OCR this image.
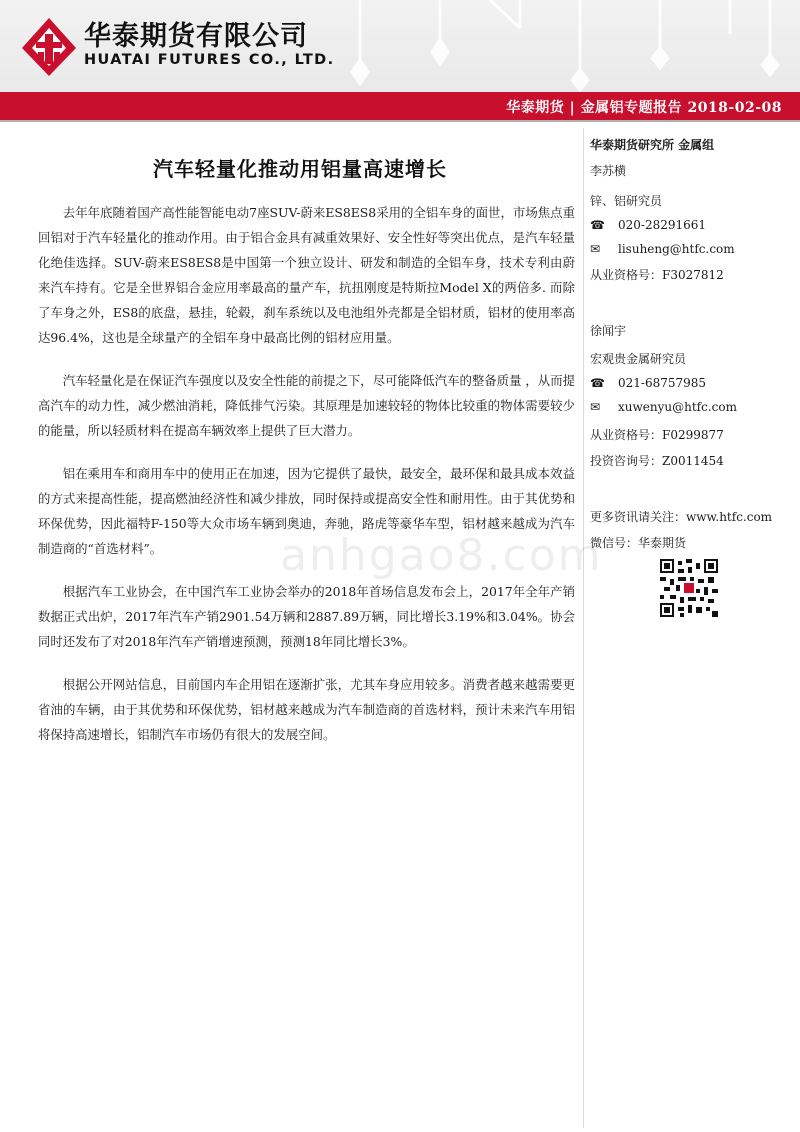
华泰期货有限公司
HUATAI FUTURES CO., LTD.
华泰期货 | 金属铝专题报告 2018-02-08
汽车轻量化推动用铝量高速增长

去年年底随着国产高性能智能电动7座SUV-蔚来ES8ES8采用的全铝车身的面世，市场焦点重回铝对于汽车轻量化的推动作用。由于铝合金具有减重效果好、安全性好等突出优点，是汽车轻量化绝佳选择。SUV-蔚来ES8ES8是中国第一个独立设计、研发和制造的全铝车身，技术专利由蔚来汽车持有。它是全世界铝合金应用率最高的量产车，抗扭刚度是特斯拉Model X的两倍多. 而除了车身之外，ES8的底盘，悬挂，轮毂，刹车系统以及电池组外壳都是全铝材质，铝材的使用率高达96.4%，这也是全球量产的全铝车身中最高比例的铝材应用量。

汽车轻量化是在保证汽车强度以及安全性能的前提之下，尽可能降低汽车的整备质量 ，从而提高汽车的动力性，减少燃油消耗，降低排气污染。其原理是加速较轻的物体比较重的物体需要较少的能量，所以轻质材料在提高车辆效率上提供了巨大潜力。

铝在乘用车和商用车中的使用正在加速，因为它提供了最快，最安全，最环保和最具成本效益的方式来提高性能，提高燃油经济性和减少排放，同时保持或提高安全性和耐用性。由于其优势和环保优势，因此福特F-150等大众市场车辆到奥迪，奔驰，路虎等豪华车型，铝材越来越成为汽车制造商的“首选材料”。

根据汽车工业协会，在中国汽车工业协会举办的2018年首场信息发布会上，2017年全年产销数据正式出炉，2017年汽车产销2901.54万辆和2887.89万辆，同比增长3.19%和3.04%。协会同时还发布了对2018年汽车产销增速预测，预测18年同比增长3%。

根据公开网站信息，目前国内车企用铝在逐渐扩张，尤其车身应用较多。消费者越来越需要更省油的车辆，由于其优势和环保优势，铝材越来越成为汽车制造商的首选材料，预计未来汽车用铝将保持高速增长，铝制汽车市场仍有很大的发展空间。

anhgao8.com
华泰期货研究所 金属组
李苏横
锌、铝研究员
☎ 020-28291661
✉ lisuheng@htfc.com
从业资格号：F3027812
徐闻宇
宏观贵金属研究员
☎ 021-68757985
✉ xuwenyu@htfc.com
从业资格号：F0299877
投资咨询号：Z0011454
更多资讯请关注：www.htfc.com
微信号：华泰期货
